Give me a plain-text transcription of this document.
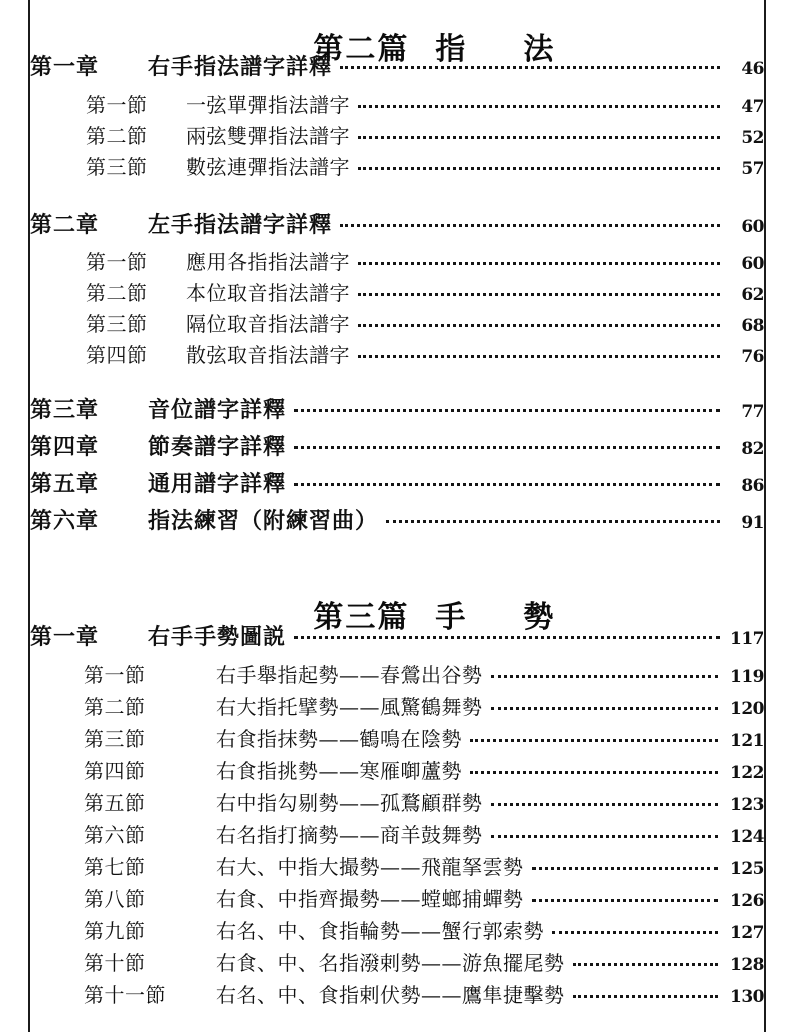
第二篇 指 法

第一章	右手指法譜字詳釋	46
第一節	一弦單彈指法譜字	47
第二節	兩弦雙彈指法譜字	52
第三節	數弦連彈指法譜字	57
第二章	左手指法譜字詳釋	60
第一節	應用各指指法譜字	60
第二節	本位取音指法譜字	62
第三節	隔位取音指法譜字	68
第四節	散弦取音指法譜字	76
第三章	音位譜字詳釋	77
第四章	節奏譜字詳釋	82
第五章	通用譜字詳釋	86
第六章	指法練習（附練習曲）	91

第三篇 手 勢

第一章	右手手勢圖説	117
第一節	右手舉指起勢——春鶯出谷勢	119
第二節	右大指托擘勢——風驚鶴舞勢	120
第三節	右食指抹勢——鶴鳴在陰勢	121
第四節	右食指挑勢——寒雁啣蘆勢	122
第五節	右中指勾剔勢——孤鶩顧群勢	123
第六節	右名指打摘勢——商羊鼓舞勢	124
第七節	右大、中指大撮勢——飛龍拏雲勢	125
第八節	右食、中指齊撮勢——螳螂捕蟬勢	126
第九節	右名、中、食指輪勢——蟹行郭索勢	127
第十節	右食、中、名指潑剌勢——游魚擺尾勢	128
第十一節	右名、中、食指剌伏勢——鷹隼捷擊勢	130
